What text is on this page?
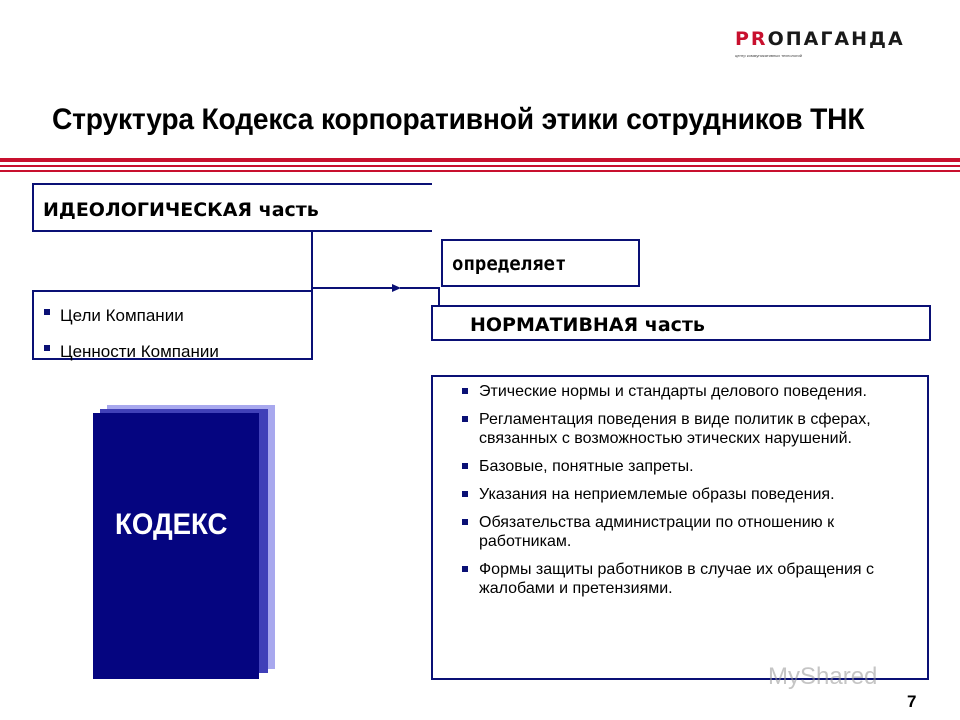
PRОПАГАНДА
центр коммуникативных технологий
Структура Кодекса корпоративной этики сотрудников ТНК
ИДЕОЛОГИЧЕСКАЯ часть
Цели Компании
Ценности Компании
определяет
НОРМАТИВНАЯ часть
Этические нормы и стандарты делового поведения.
Регламентация поведения в виде политик в сферах, связанных с возможностью этических нарушений.
Базовые, понятные запреты.
Указания на неприемлемые образы поведения.
Обязательства администрации по отношению к работникам.
Формы защиты работников в случае их обращения с жалобами и претензиями.
КОДЕКС
MyShared
7
